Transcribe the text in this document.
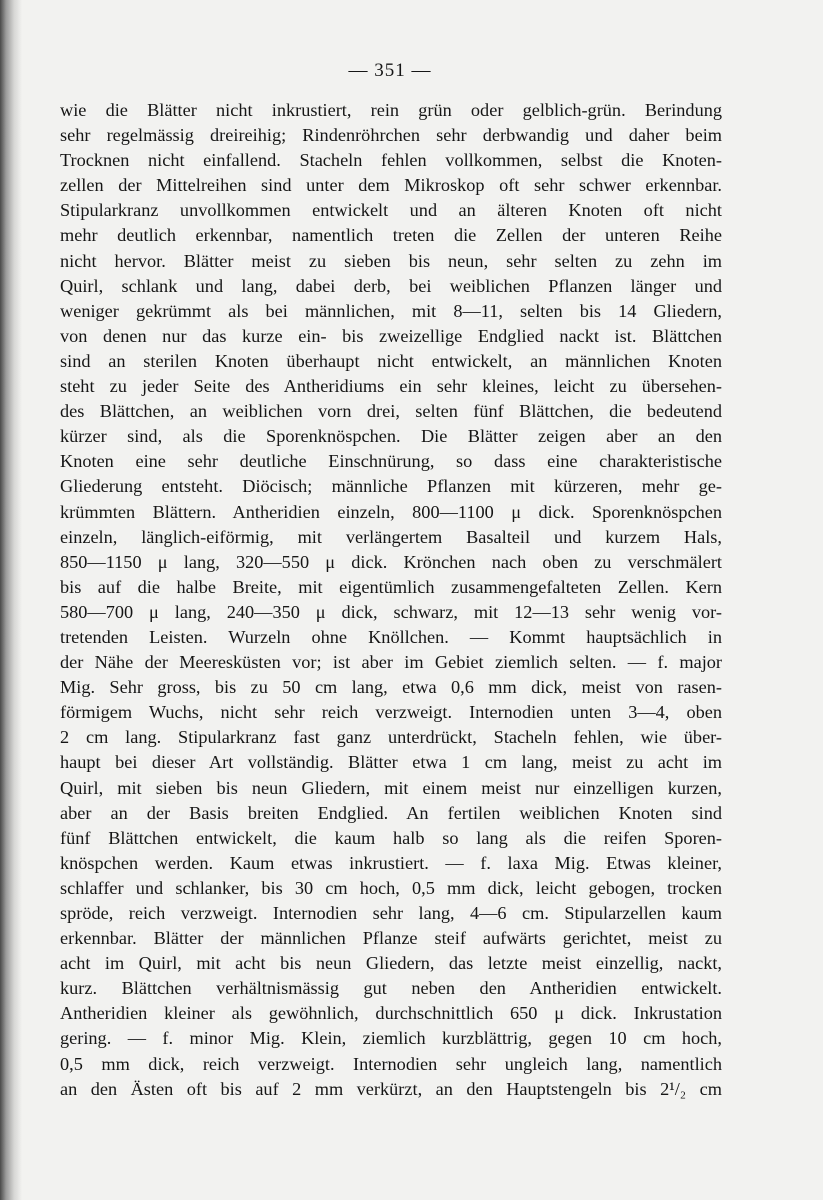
— 351 —
wie die Blätter nicht inkrustiert, rein grün oder gelblich-grün. Berindung
sehr regelmässig dreireihig; Rindenröhrchen sehr derbwandig und daher beim
Trocknen nicht einfallend. Stacheln fehlen vollkommen, selbst die Knoten-
zellen der Mittelreihen sind unter dem Mikroskop oft sehr schwer erkennbar.
Stipularkranz unvollkommen entwickelt und an älteren Knoten oft nicht
mehr deutlich erkennbar, namentlich treten die Zellen der unteren Reihe
nicht hervor. Blätter meist zu sieben bis neun, sehr selten zu zehn im
Quirl, schlank und lang, dabei derb, bei weiblichen Pflanzen länger und
weniger gekrümmt als bei männlichen, mit 8—11, selten bis 14 Gliedern,
von denen nur das kurze ein- bis zweizellige Endglied nackt ist. Blättchen
sind an sterilen Knoten überhaupt nicht entwickelt, an männlichen Knoten
steht zu jeder Seite des Antheridiums ein sehr kleines, leicht zu übersehen-
des Blättchen, an weiblichen vorn drei, selten fünf Blättchen, die bedeutend
kürzer sind, als die Sporenknöspchen. Die Blätter zeigen aber an den
Knoten eine sehr deutliche Einschnürung, so dass eine charakteristische
Gliederung entsteht. Diöcisch; männliche Pflanzen mit kürzeren, mehr ge-
krümmten Blättern. Antheridien einzeln, 800—1100 μ dick. Sporenknöspchen
einzeln, länglich-eiförmig, mit verlängertem Basalteil und kurzem Hals,
850—1150 μ lang, 320—550 μ dick. Krönchen nach oben zu verschmälert
bis auf die halbe Breite, mit eigentümlich zusammengefalteten Zellen. Kern
580—700 μ lang, 240—350 μ dick, schwarz, mit 12—13 sehr wenig vor-
tretenden Leisten. Wurzeln ohne Knöllchen. — Kommt hauptsächlich in
der Nähe der Meeresküsten vor; ist aber im Gebiet ziemlich selten. — f. major
Mig. Sehr gross, bis zu 50 cm lang, etwa 0,6 mm dick, meist von rasen-
förmigem Wuchs, nicht sehr reich verzweigt. Internodien unten 3—4, oben
2 cm lang. Stipularkranz fast ganz unterdrückt, Stacheln fehlen, wie über-
haupt bei dieser Art vollständig. Blätter etwa 1 cm lang, meist zu acht im
Quirl, mit sieben bis neun Gliedern, mit einem meist nur einzelligen kurzen,
aber an der Basis breiten Endglied. An fertilen weiblichen Knoten sind
fünf Blättchen entwickelt, die kaum halb so lang als die reifen Sporen-
knöspchen werden. Kaum etwas inkrustiert. — f. laxa Mig. Etwas kleiner,
schlaffer und schlanker, bis 30 cm hoch, 0,5 mm dick, leicht gebogen, trocken
spröde, reich verzweigt. Internodien sehr lang, 4—6 cm. Stipularzellen kaum
erkennbar. Blätter der männlichen Pflanze steif aufwärts gerichtet, meist zu
acht im Quirl, mit acht bis neun Gliedern, das letzte meist einzellig, nackt,
kurz. Blättchen verhältnismässig gut neben den Antheridien entwickelt.
Antheridien kleiner als gewöhnlich, durchschnittlich 650 μ dick. Inkrustation
gering. — f. minor Mig. Klein, ziemlich kurzblättrig, gegen 10 cm hoch,
0,5 mm dick, reich verzweigt. Internodien sehr ungleich lang, namentlich
an den Ästen oft bis auf 2 mm verkürzt, an den Hauptstengeln bis 2¹/₂ cm
